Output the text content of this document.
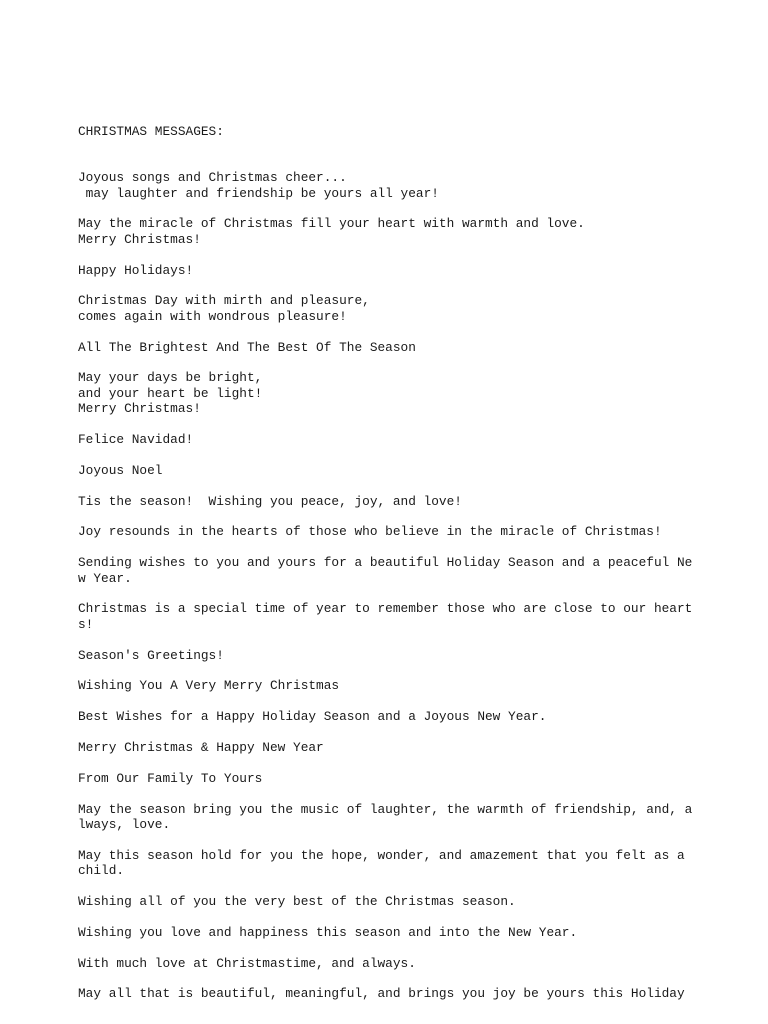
CHRISTMAS MESSAGES:
Joyous songs and Christmas cheer...
may laughter and friendship be yours all year!
May the miracle of Christmas fill your heart with warmth and love.
Merry Christmas!
Happy Holidays!
Christmas Day with mirth and pleasure,
comes again with wondrous pleasure!
All The Brightest And The Best Of The Season
May your days be bright,
and your heart be light!
Merry Christmas!
Felice Navidad!
Joyous Noel
Tis the season!  Wishing you peace, joy, and love!
Joy resounds in the hearts of those who believe in the miracle of Christmas!
Sending wishes to you and yours for a beautiful Holiday Season and a peaceful Ne
w Year.
Christmas is a special time of year to remember those who are close to our heart
s!
Season's Greetings!
Wishing You A Very Merry Christmas
Best Wishes for a Happy Holiday Season and a Joyous New Year.
Merry Christmas & Happy New Year
From Our Family To Yours
May the season bring you the music of laughter, the warmth of friendship, and, a
lways, love.
May this season hold for you the hope, wonder, and amazement that you felt as a
child.
Wishing all of you the very best of the Christmas season.
Wishing you love and happiness this season and into the New Year.
With much love at Christmastime, and always.
May all that is beautiful, meaningful, and brings you joy be yours this Holiday
